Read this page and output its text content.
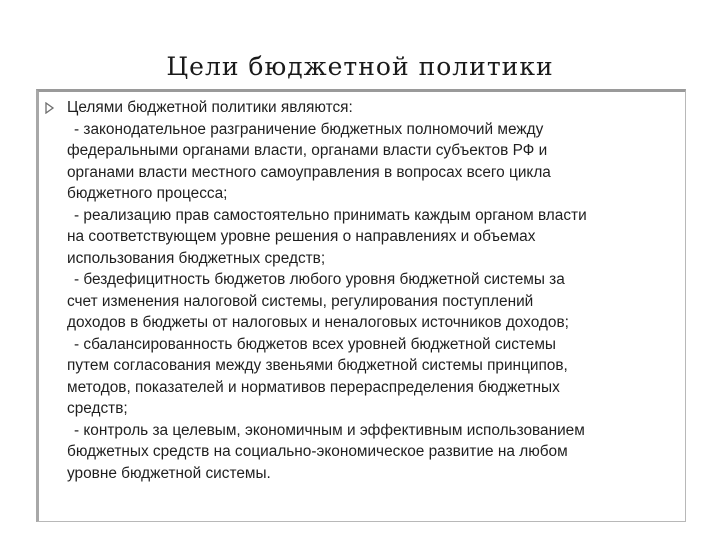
Цели бюджетной политики
Целями бюджетной политики являются:
- законодательное разграничение бюджетных полномочий между
федеральными органами власти, органами власти субъектов РФ и
органами власти местного самоуправления в вопросах всего цикла
бюджетного процесса;
- реализацию прав самостоятельно принимать каждым органом власти
на соответствующем уровне решения о направлениях и объемах
использования бюджетных средств;
- бездефицитность бюджетов любого уровня бюджетной системы за
счет изменения налоговой системы, регулирования поступлений
доходов в бюджеты от налоговых и неналоговых источников доходов;
- сбалансированность бюджетов всех уровней бюджетной системы
путем согласования между звеньями бюджетной системы принципов,
методов, показателей и нормативов перераспределения бюджетных
средств;
- контроль за целевым, экономичным и эффективным использованием
бюджетных средств на социально-экономическое развитие на любом
уровне бюджетной системы.
